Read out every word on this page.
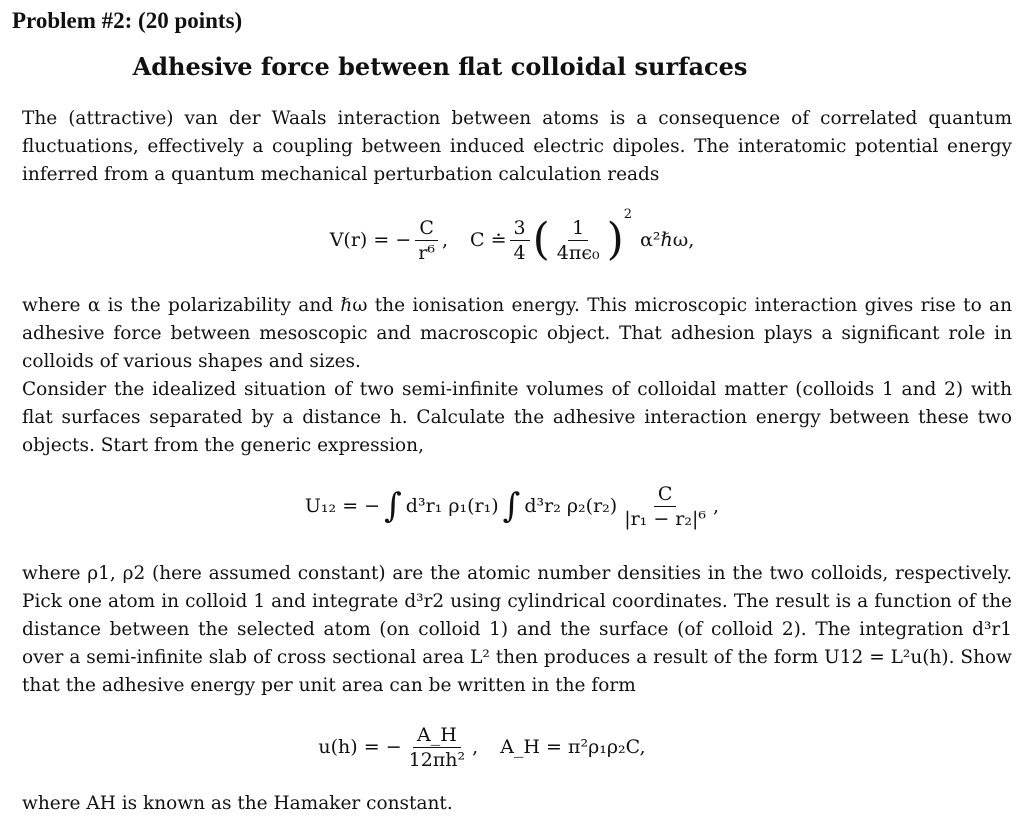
Problem #2: (20 points)
Adhesive force between flat colloidal surfaces

The (attractive) van der Waals interaction between atoms is a consequence of correlated quantum fluctuations, effectively a coupling between induced electric dipoles. The interatomic potential energy inferred from a quantum mechanical perturbation calculation reads

V(r) = − $\frac{C}{\text{r⁶}}$ , C ≐ $\frac{3}{4}$ ( $\frac{1}{\text{4πϵ₀}} )^2$
α²ℏω,

where α is the polarizability and ℏω the ionisation energy. This microscopic interaction gives rise to an adhesive force between mesoscopic and macroscopic object. That adhesion plays a significant role in colloids of various shapes and sizes.

Consider the idealized situation of two semi-infinite volumes of colloidal matter (colloids 1 and 2) with flat surfaces separated by a distance h. Calculate the adhesive interaction energy between these two objects. Start from the generic expression,

U₁₂ = − ∫ d³r₁ ρ₁(r₁) ∫ d³r₂ $\rho_2(r_2) \frac{C}{\text{|r₁ − r₂|⁶}}$ ,

where ρ1, ρ2 (here assumed constant) are the atomic number densities in the two colloids, respectively. Pick one atom in colloid 1 and integrate d³r2 using cylindrical coordinates. The result is a function of the distance between the selected atom (on colloid 1) and the surface (of colloid 2). The integration d³r1 over a semi-infinite slab of cross sectional area L² then produces a result of the form U12 = L²u(h). Show that the adhesive energy per unit area can be written in the form

u(h) = − $\frac{A\_H}{\text{12πh²}}$ , A_H = π²ρ₁ρ₂C,

where AH is known as the Hamaker constant.
